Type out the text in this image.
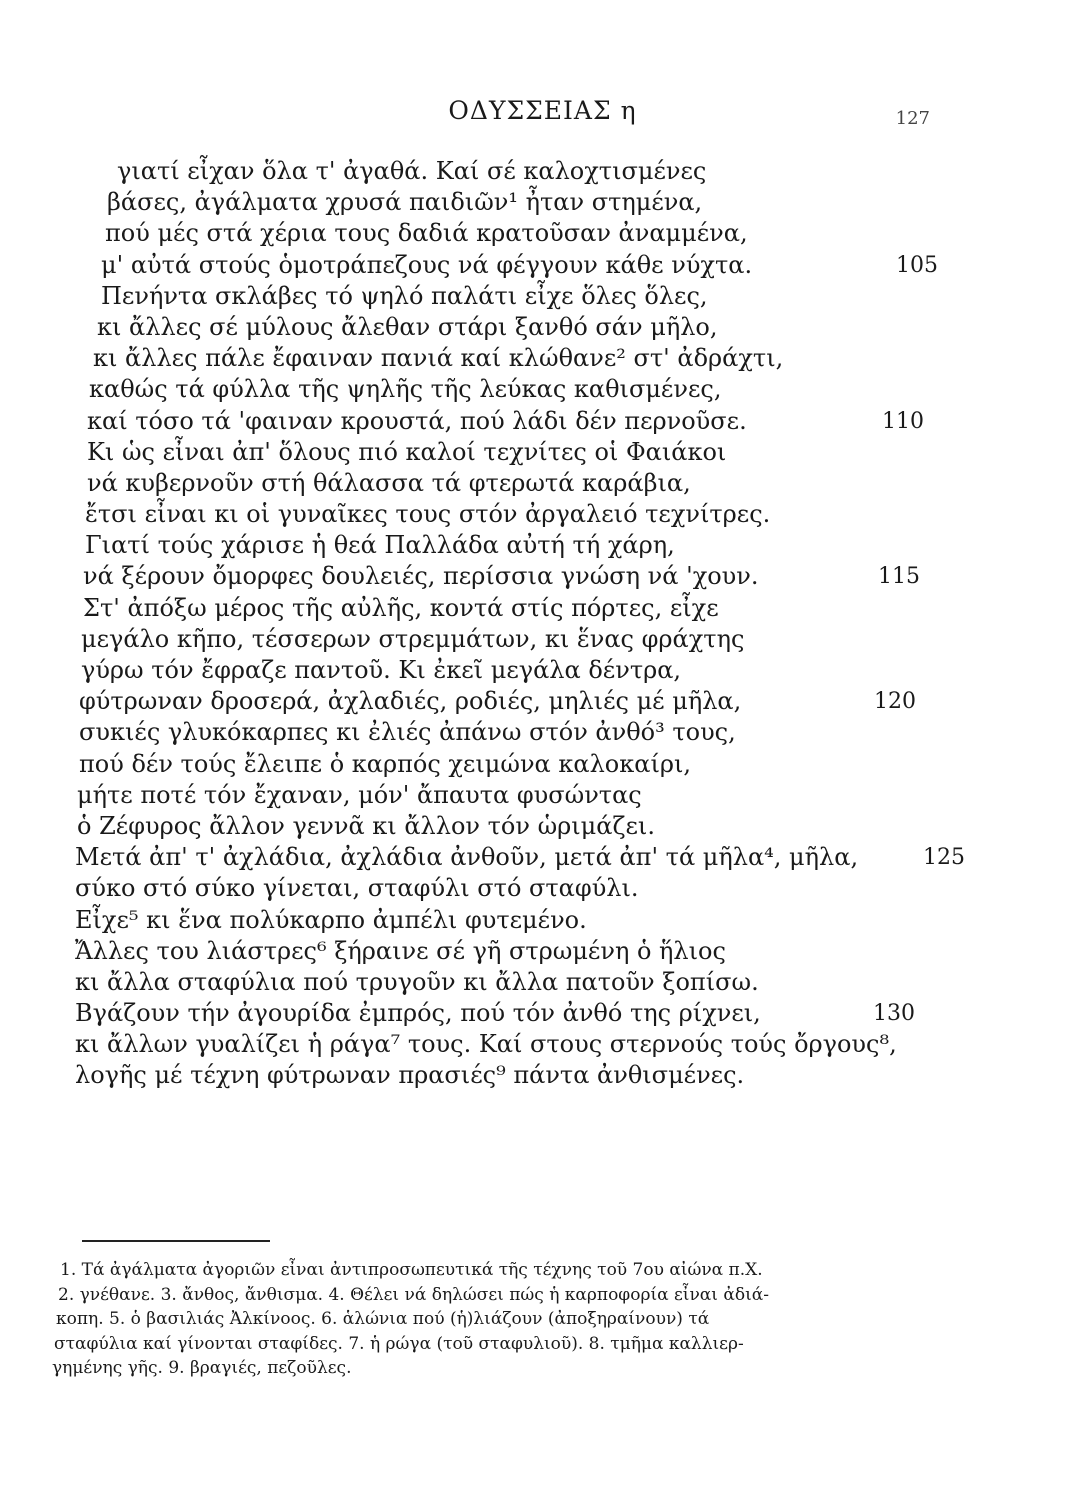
ΟΔΥΣΣΕΙΑΣ η	127
γιατί εἶχαν ὅλα τ' ἀγαθά. Καί σέ καλοχτισμένες
βάσες, ἀγάλματα χρυσά παιδιῶν¹ ἦταν στημένα,
πού μές στά χέρια τους δαδιά κρατοῦσαν ἀναμμένα,
μ' αὐτά στούς ὁμοτράπεζους νά φέγγουν κάθε νύχτα.	105
Πενήντα σκλάβες τό ψηλό παλάτι εἶχε ὅλες ὅλες,
κι ἄλλες σέ μύλους ἄλεθαν στάρι ξανθό σάν μῆλο,
κι ἄλλες πάλε ἔφαιναν πανιά καί κλώθανε² στ' ἀδράχτι,
καθώς τά φύλλα τῆς ψηλῆς τῆς λεύκας καθισμένες,
καί τόσο τά 'φαιναν κρουστά, πού λάδι δέν περνοῦσε.	110
Κι ὡς εἶναι ἀπ' ὅλους πιό καλοί τεχνίτες οἱ Φαιάκοι
νά κυβερνοῦν στή θάλασσα τά φτερωτά καράβια,
ἔτσι εἶναι κι οἱ γυναῖκες τους στόν ἀργαλειό τεχνίτρες.
Γιατί τούς χάρισε ἡ θεά Παλλάδα αὐτή τή χάρη,
νά ξέρουν ὄμορφες δουλειές, περίσσια γνώση νά 'χουν.	115
Στ' ἀπόξω μέρος τῆς αὐλῆς, κοντά στίς πόρτες, εἶχε
μεγάλο κῆπο, τέσσερων στρεμμάτων, κι ἕνας φράχτης
γύρω τόν ἔφραζε παντοῦ. Κι ἐκεῖ μεγάλα δέντρα,
φύτρωναν δροσερά, ἀχλαδιές, ροδιές, μηλιές μέ μῆλα,	120
συκιές γλυκόκαρπες κι ἐλιές ἀπάνω στόν ἀνθό³ τους,
πού δέν τούς ἔλειπε ὁ καρπός χειμώνα καλοκαίρι,
μήτε ποτέ τόν ἔχαναν, μόν' ἄπαυτα φυσώντας
ὁ Ζέφυρος ἄλλον γεννᾶ κι ἄλλον τόν ὡριμάζει.
Μετά ἀπ' τ' ἀχλάδια, ἀχλάδια ἀνθοῦν, μετά ἀπ' τά μῆλα⁴, μῆλα,	125
σύκο στό σύκο γίνεται, σταφύλι στό σταφύλι.
Εἶχε⁵ κι ἕνα πολύκαρπο ἀμπέλι φυτεμένο.
Ἄλλες του λιάστρες⁶ ξήραινε σέ γῆ στρωμένη ὁ ἥλιος
κι ἄλλα σταφύλια πού τρυγοῦν κι ἄλλα πατοῦν ξοπίσω.
Βγάζουν τήν ἀγουρίδα ἐμπρός, πού τόν ἀνθό της ρίχνει,	130
κι ἄλλων γυαλίζει ἡ ράγα⁷ τους. Καί στους στερνούς τούς ὄργους⁸,
λογῆς μέ τέχνη φύτρωναν πρασιές⁹ πάντα ἀνθισμένες.
1. Τά ἀγάλματα ἀγοριῶν εἶναι ἀντιπροσωπευτικά τῆς τέχνης τοῦ 7ου αἰώνα π.Χ.
2. γνέθανε. 3. ἄνθος, ἄνθισμα. 4. Θέλει νά δηλώσει πώς ἡ καρποφορία εἶναι ἀδιά-
κοπη. 5. ὁ βασιλιάς Ἀλκίνοος. 6. ἁλώνια πού (ἡ)λιάζουν (ἀποξηραίνουν) τά
σταφύλια καί γίνονται σταφίδες. 7. ἡ ρώγα (τοῦ σταφυλιοῦ). 8. τμῆμα καλλιερ-
γημένης γῆς. 9. βραγιές, πεζοῦλες.
